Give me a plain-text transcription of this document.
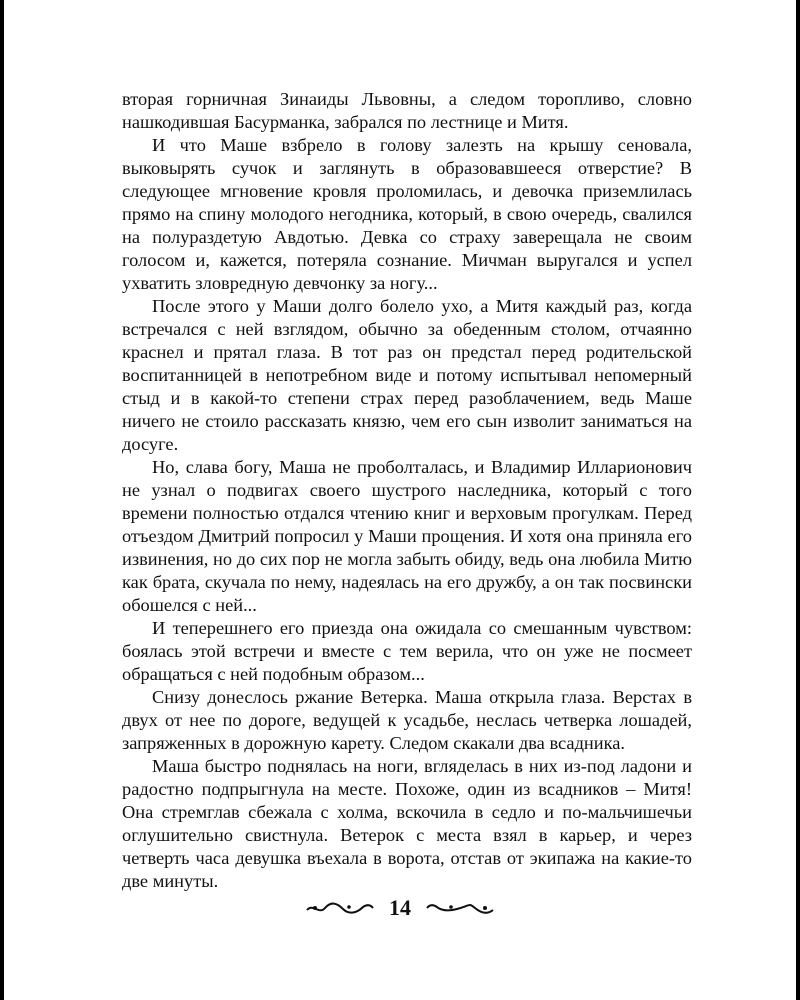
вторая горничная Зинаиды Львовны, а следом торопливо, словно нашкодившая Басурманка, забрался по лестнице и Митя.

И что Маше взбрело в голову залезть на крышу сеновала, выковырять сучок и заглянуть в образовавшееся отверстие? В следующее мгновение кровля проломилась, и девочка приземлилась прямо на спину молодого негодника, который, в свою очередь, свалился на полураздетую Авдотью. Девка со страху заверещала не своим голосом и, кажется, потеряла сознание. Мичман выругался и успел ухватить зловредную девчонку за ногу...

После этого у Маши долго болело ухо, а Митя каждый раз, когда встречался с ней взглядом, обычно за обеденным столом, отчаянно краснел и прятал глаза. В тот раз он предстал перед родительской воспитанницей в непотребном виде и потому испытывал непомерный стыд и в какой-то степени страх перед разоблачением, ведь Маше ничего не стоило рассказать князю, чем его сын изволит заниматься на досуге.

Но, слава богу, Маша не проболталась, и Владимир Илларионович не узнал о подвигах своего шустрого наследника, который с того времени полностью отдался чтению книг и верховым прогулкам. Перед отъездом Дмитрий попросил у Маши прощения. И хотя она приняла его извинения, но до сих пор не могла забыть обиду, ведь она любила Митю как брата, скучала по нему, надеялась на его дружбу, а он так посвински обошелся с ней...

И теперешнего его приезда она ожидала со смешанным чувством: боялась этой встречи и вместе с тем верила, что он уже не посмеет обращаться с ней подобным образом...

Снизу донеслось ржание Ветерка. Маша открыла глаза. Верстах в двух от нее по дороге, ведущей к усадьбе, неслась четверка лошадей, запряженных в дорожную карету. Следом скакали два всадника.

Маша быстро поднялась на ноги, вгляделась в них из-под ладони и радостно подпрыгнула на месте. Похоже, один из всадников – Митя! Она стремглав сбежала с холма, вскочила в седло и по-мальчишечьи оглушительно свистнула. Ветерок с места взял в карьер, и через четверть часа девушка въехала в ворота, отстав от экипажа на какие-то две минуты.

14
